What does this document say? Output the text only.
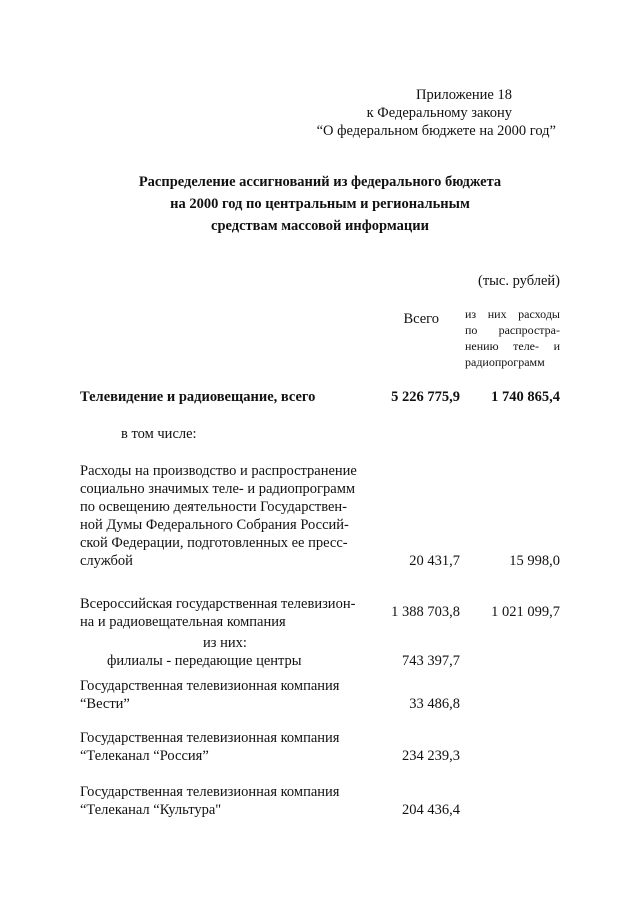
Приложение 18
к Федеральному закону
“О федеральном бюджете на 2000 год”
Распределение ассигнований из федерального бюджета
на 2000 год по центральным и региональным
средствам массовой информации
(тыс. рублей)
Всего из них расходы
по распростра-
нению теле- и
радиопрограмм
Телевидение и радиовещание, всего	5 226 775,9 1 740 865,4
в том числе:
Расходы на производство и распространение
социально значимых теле- и радиопрограмм
по освещению деятельности Государствен-
ной Думы Федерального Собрания Россий-
ской Федерации, подготовленных ее пресс-
службой	20 431,7	15 998,0
Всероссийская государственная телевизион-
на и радиовещательная компания
1 388 703,8 1 021 099,7
из них:
филиалы - передающие центры	743 397,7
Государственная телевизионная компания
“Вести”	33 486,8
Государственная телевизионная компания
“Телеканал “Россия”	234 239,3
Государственная телевизионная компания
“Телеканал “Культура"	204 436,4
